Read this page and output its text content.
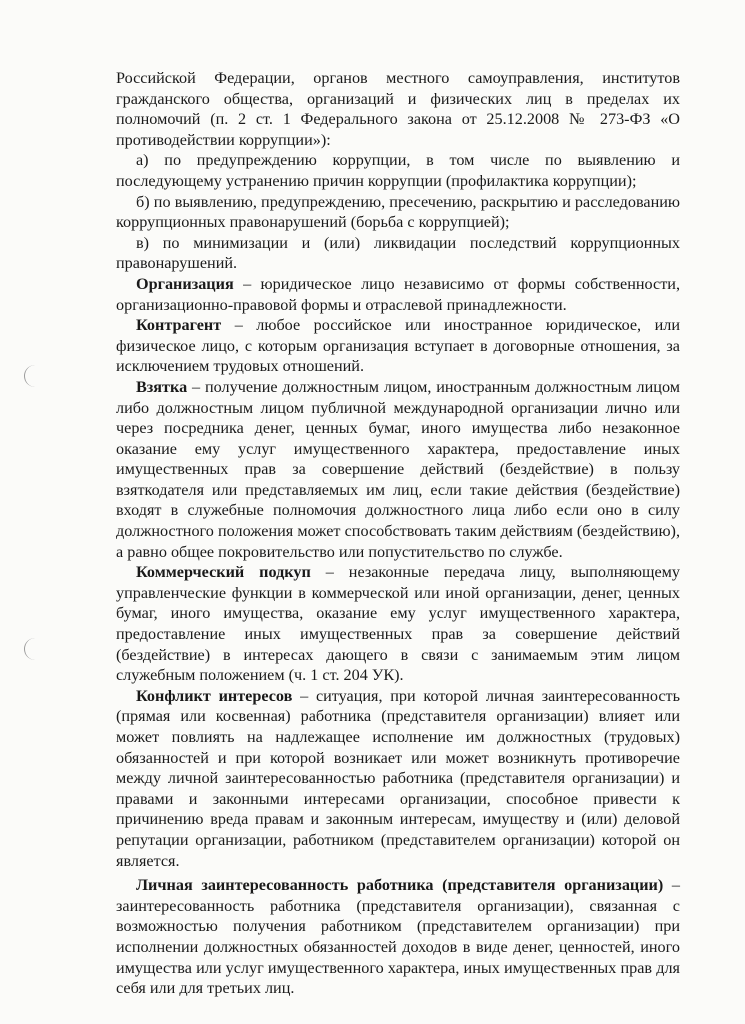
Российской Федерации, органов местного самоуправления, институтов гражданского общества, организаций и физических лиц в пределах их полномочий (п. 2 ст. 1 Федерального закона от 25.12.2008 № 273-ФЗ «О противодействии коррупции»):

а) по предупреждению коррупции, в том числе по выявлению и последующему устранению причин коррупции (профилактика коррупции);

б) по выявлению, предупреждению, пресечению, раскрытию и расследованию коррупционных правонарушений (борьба с коррупцией);

в) по минимизации и (или) ликвидации последствий коррупционных правонарушений.

Организация – юридическое лицо независимо от формы собственности, организационно-правовой формы и отраслевой принадлежности.

Контрагент – любое российское или иностранное юридическое, или физическое лицо, с которым организация вступает в договорные отношения, за исключением трудовых отношений.

Взятка – получение должностным лицом, иностранным должностным лицом либо должностным лицом публичной международной организации лично или через посредника денег, ценных бумаг, иного имущества либо незаконное оказание ему услуг имущественного характера, предоставление иных имущественных прав за совершение действий (бездействие) в пользу взяткодателя или представляемых им лиц, если такие действия (бездействие) входят в служебные полномочия должностного лица либо если оно в силу должностного положения может способствовать таким действиям (бездействию), а равно общее покровительство или попустительство по службе.

Коммерческий подкуп – незаконные передача лицу, выполняющему управленческие функции в коммерческой или иной организации, денег, ценных бумаг, иного имущества, оказание ему услуг имущественного характера, предоставление иных имущественных прав за совершение действий (бездействие) в интересах дающего в связи с занимаемым этим лицом служебным положением (ч. 1 ст. 204 УК).

Конфликт интересов – ситуация, при которой личная заинтересованность (прямая или косвенная) работника (представителя организации) влияет или может повлиять на надлежащее исполнение им должностных (трудовых) обязанностей и при которой возникает или может возникнуть противоречие между личной заинтересованностью работника (представителя организации) и правами и законными интересами организации, способное привести к причинению вреда правам и законным интересам, имуществу и (или) деловой репутации организации, работником (представителем организации) которой он является.

Личная заинтересованность работника (представителя организации) – заинтересованность работника (представителя организации), связанная с возможностью получения работником (представителем организации) при исполнении должностных обязанностей доходов в виде денег, ценностей, иного имущества или услуг имущественного характера, иных имущественных прав для себя или для третьих лиц.
